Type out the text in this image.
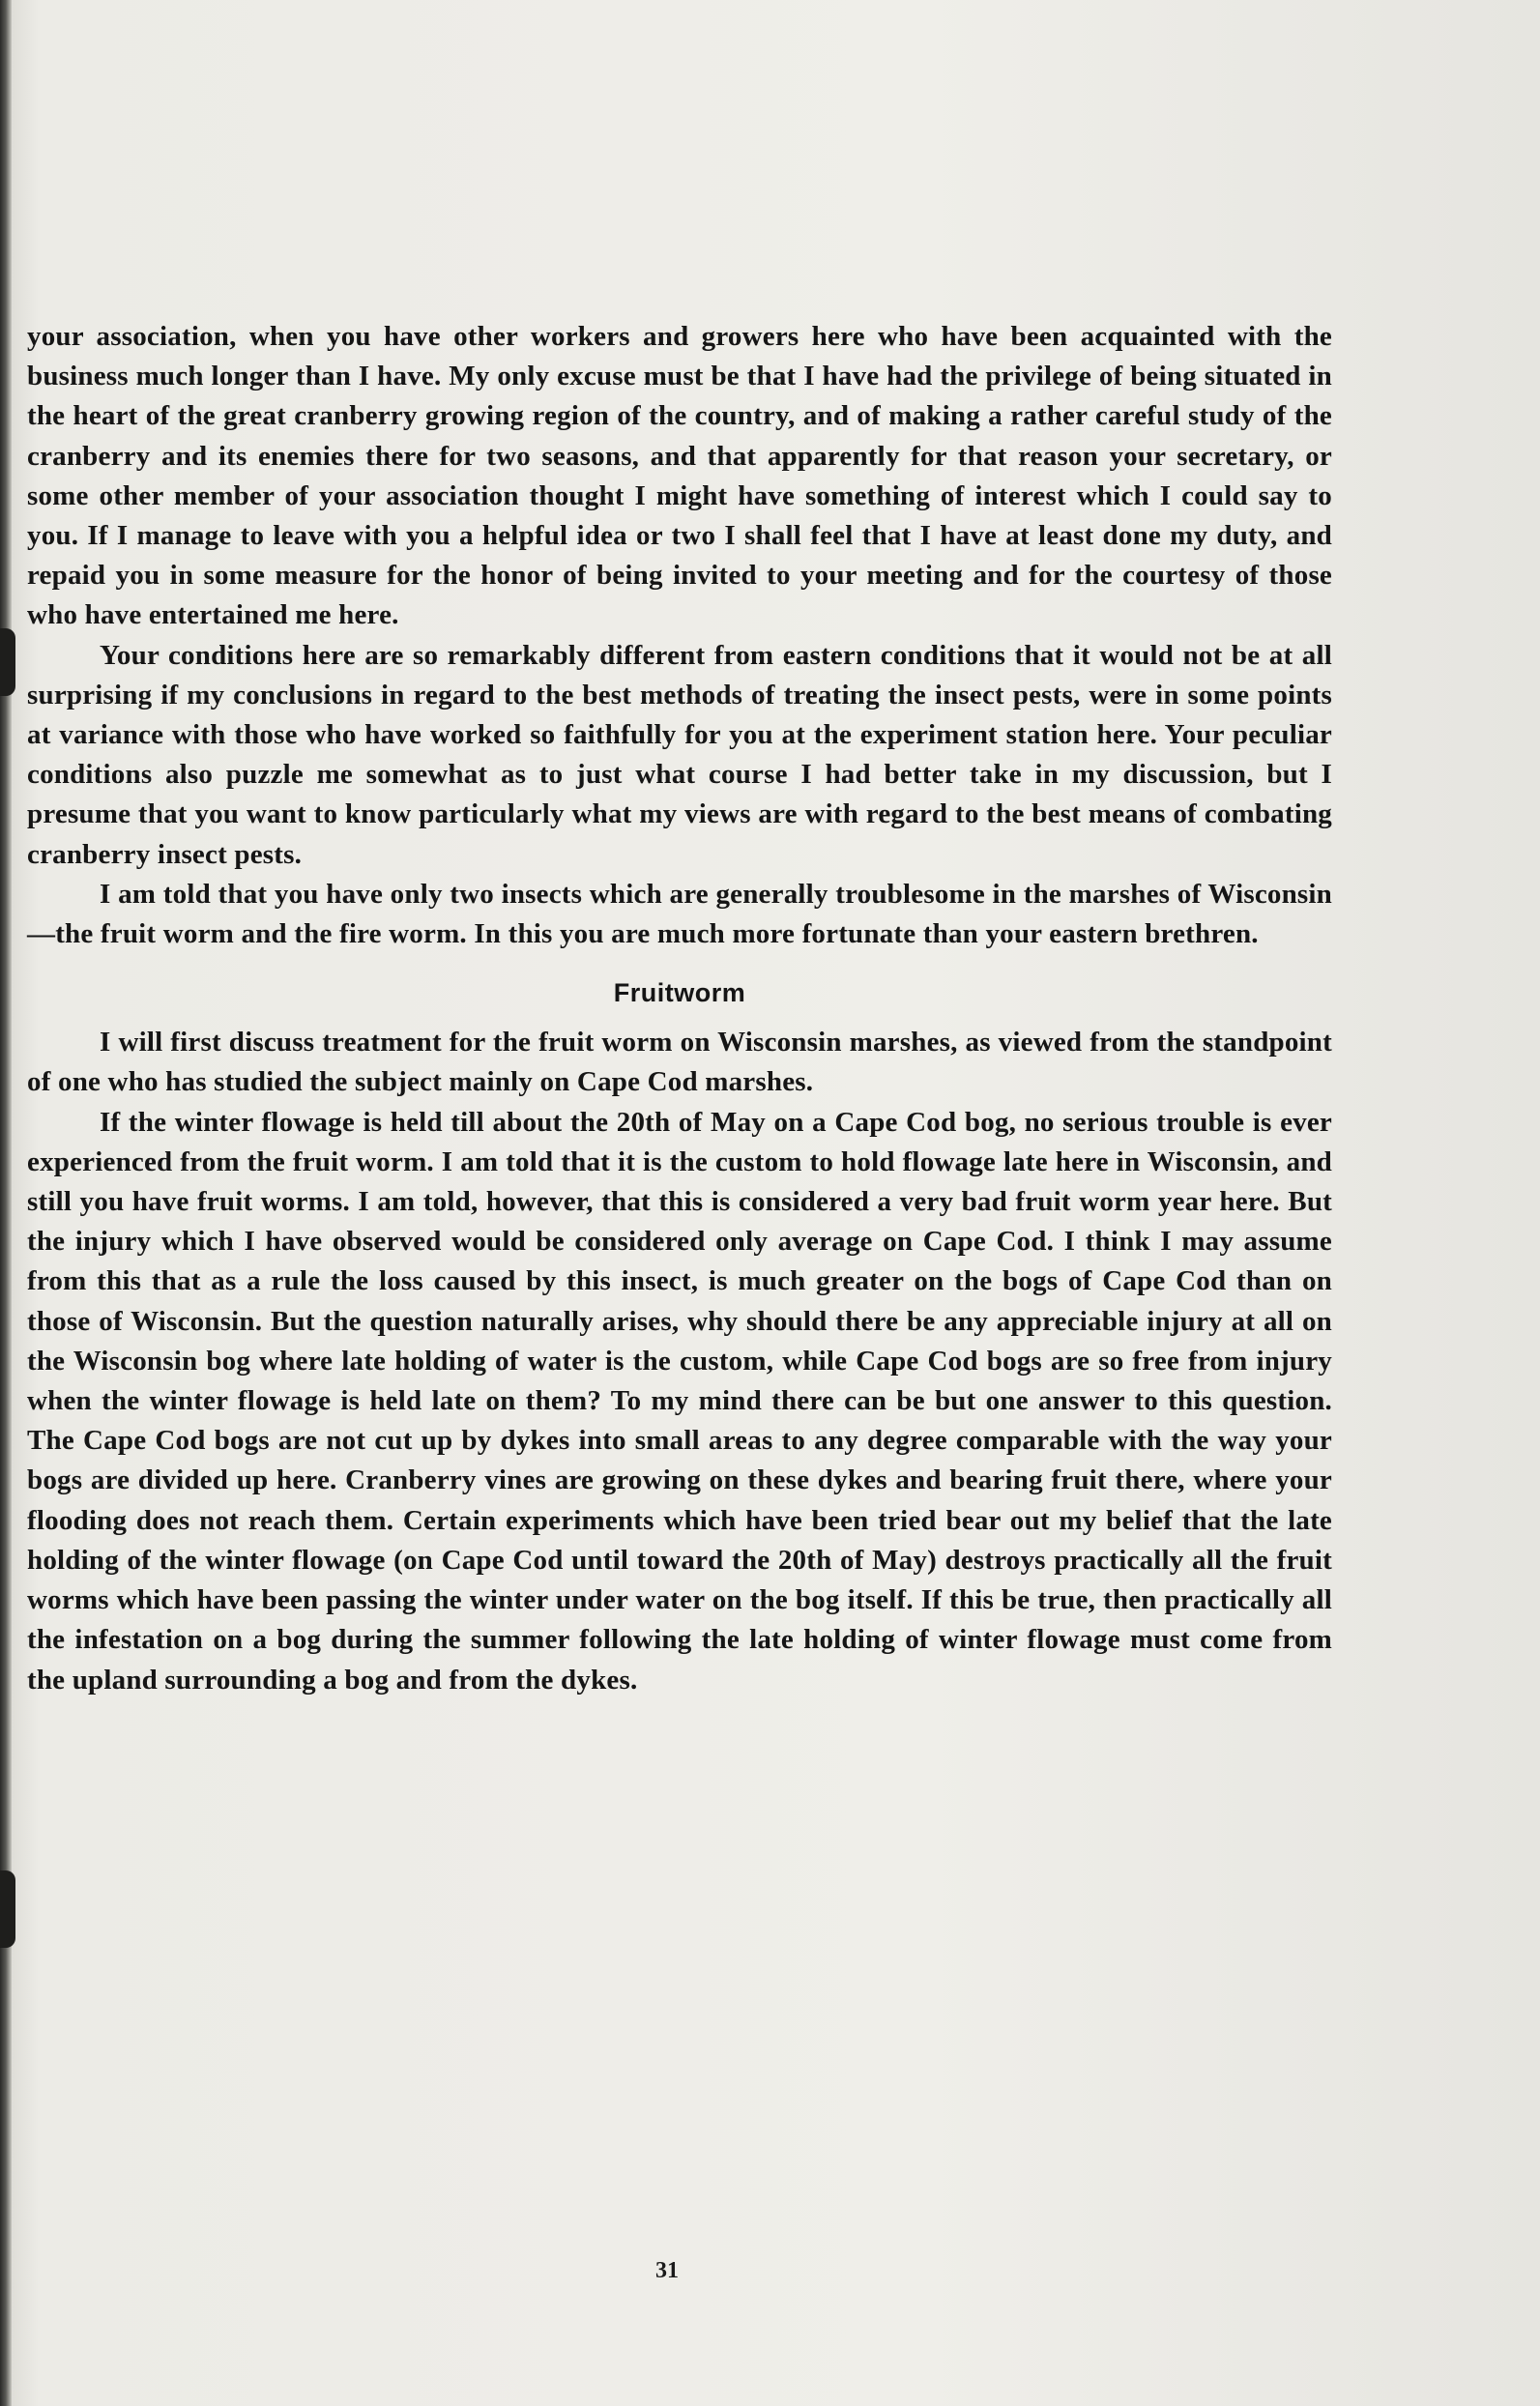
your association, when you have other workers and growers here who have been acquainted with the business much longer than I have. My only excuse must be that I have had the privilege of being situated in the heart of the great cranberry growing region of the country, and of making a rather careful study of the cranberry and its enemies there for two seasons, and that apparently for that reason your secretary, or some other member of your association thought I might have something of interest which I could say to you. If I manage to leave with you a helpful idea or two I shall feel that I have at least done my duty, and repaid you in some measure for the honor of being invited to your meeting and for the courtesy of those who have entertained me here.

Your conditions here are so remarkably different from eastern conditions that it would not be at all surprising if my conclusions in regard to the best methods of treating the insect pests, were in some points at variance with those who have worked so faithfully for you at the experiment station here. Your peculiar conditions also puzzle me somewhat as to just what course I had better take in my discussion, but I presume that you want to know particularly what my views are with regard to the best means of combating cranberry insect pests.

I am told that you have only two insects which are generally troublesome in the marshes of Wisconsin—the fruit worm and the fire worm. In this you are much more fortunate than your eastern brethren.

Fruitworm

I will first discuss treatment for the fruit worm on Wisconsin marshes, as viewed from the standpoint of one who has studied the subject mainly on Cape Cod marshes.

If the winter flowage is held till about the 20th of May on a Cape Cod bog, no serious trouble is ever experienced from the fruit worm. I am told that it is the custom to hold flowage late here in Wisconsin, and still you have fruit worms. I am told, however, that this is considered a very bad fruit worm year here. But the injury which I have observed would be considered only average on Cape Cod. I think I may assume from this that as a rule the loss caused by this insect, is much greater on the bogs of Cape Cod than on those of Wisconsin. But the question naturally arises, why should there be any appreciable injury at all on the Wisconsin bog where late holding of water is the custom, while Cape Cod bogs are so free from injury when the winter flowage is held late on them? To my mind there can be but one answer to this question. The Cape Cod bogs are not cut up by dykes into small areas to any degree comparable with the way your bogs are divided up here. Cranberry vines are growing on these dykes and bearing fruit there, where your flooding does not reach them. Certain experiments which have been tried bear out my belief that the late holding of the winter flowage (on Cape Cod until toward the 20th of May) destroys practically all the fruit worms which have been passing the winter under water on the bog itself. If this be true, then practically all the infestation on a bog during the summer following the late holding of winter flowage must come from the upland surrounding a bog and from the dykes.

31
